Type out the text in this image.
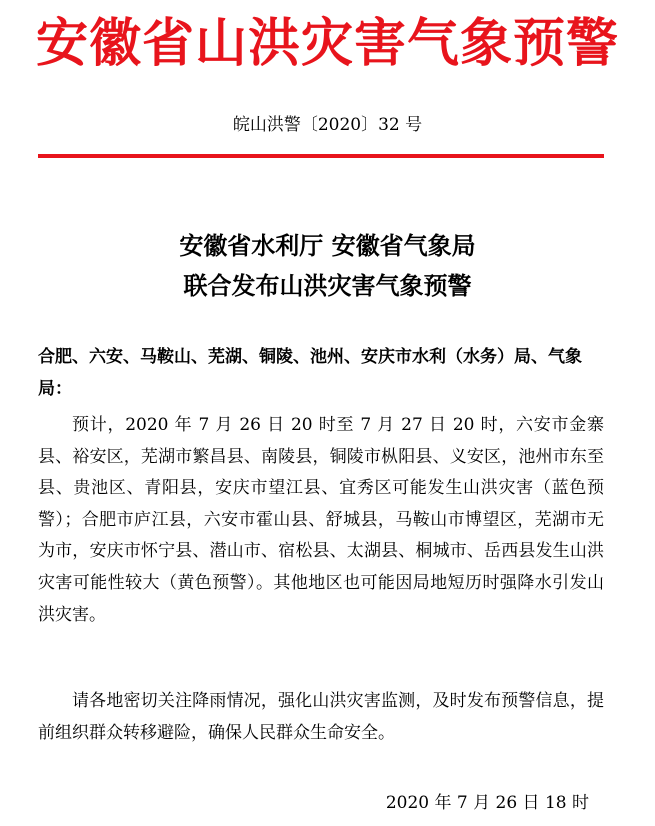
安徽省山洪灾害气象预警
皖山洪警〔2020〕32 号
安徽省水利厅 安徽省气象局
联合发布山洪灾害气象预警
合肥、六安、马鞍山、芜湖、铜陵、池州、安庆市水利（水务）局、气象局：

预计，2020 年 7 月 26 日 20 时至 7 月 27 日 20 时，六安市金寨县、裕安区，芜湖市繁昌县、南陵县，铜陵市枞阳县、义安区，池州市东至县、贵池区、青阳县，安庆市望江县、宜秀区可能发生山洪灾害（蓝色预警）；合肥市庐江县，六安市霍山县、舒城县，马鞍山市博望区，芜湖市无为市，安庆市怀宁县、潜山市、宿松县、太湖县、桐城市、岳西县发生山洪灾害可能性较大（黄色预警）。其他地区也可能因局地短历时强降水引发山洪灾害。

请各地密切关注降雨情况，强化山洪灾害监测，及时发布预警信息，提前组织群众转移避险，确保人民群众生命安全。

2020 年 7 月 26 日 18 时
